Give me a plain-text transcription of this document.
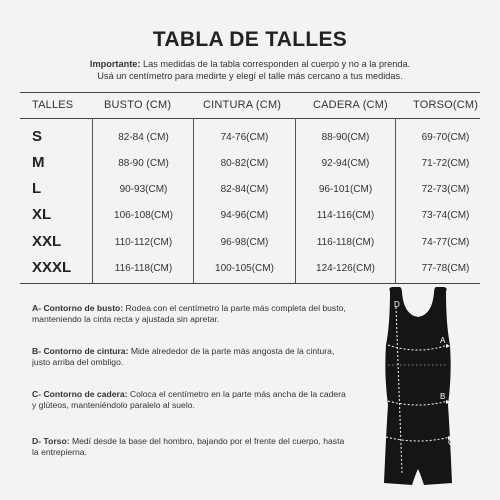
TABLA DE TALLES
Importante: Las medidas de la tabla corresponden al cuerpo y no a la prenda.
Usá un centímetro para medirte y elegí el talle más cercano a tus medidas.
TALLES	BUSTO (CM)	CINTURA (CM)	CADERA (CM) TORSO(CM)
S	82-84 (CM)	74-76(CM)	88-90(CM)	69-70(CM)
M	88-90 (CM)	80-82(CM)	92-94(CM)	71-72(CM)
L	90-93(CM)	82-84(CM)	96-101(CM)	72-73(CM)
XL	106-108(CM)	94-96(CM)	114-116(CM)	73-74(CM)
XXL	110-112(CM)	96-98(CM)	116-118(CM)	74-77(CM)
XXXL	116-118(CM)	100-105(CM)	124-126(CM)	77-78(CM)
A- Contorno de busto: Rodea con el centímetro la parte más completa del busto, manteniendo la cinta recta y ajustada sin apretar.
B- Contorno de cintura: Mide alrededor de la parte más angosta de la cintura, justo arriba del ombligo.
C- Contorno de cadera: Coloca el centímetro en la parte más ancha de la cadera y glúteos, manteniéndolo paralelo al suelo.
D- Torso: Medí desde la base del hombro, bajando por el frente del cuerpo, hasta la entrepierna.
D
A
B
C
